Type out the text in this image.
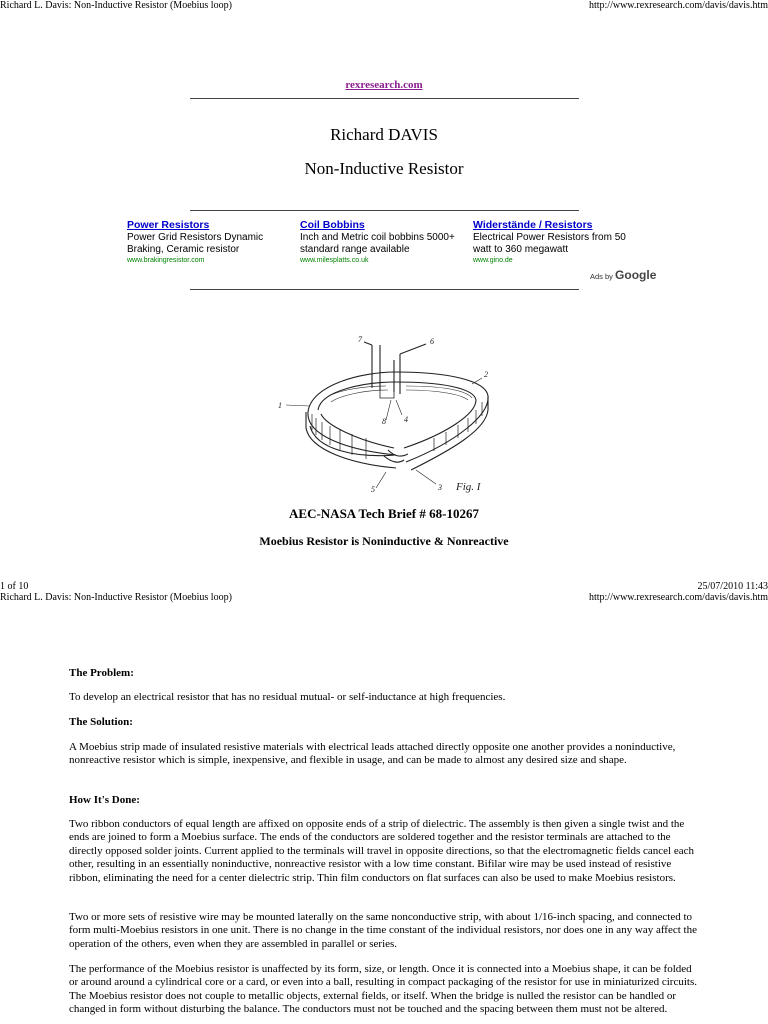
Richard L. Davis: Non-Inductive Resistor (Moebius loop)	http://www.rexresearch.com/davis/davis.htm
rexresearch.com
Richard DAVIS
Non-Inductive Resistor
Power Resistors
Power Grid Resistors Dynamic Braking, Ceramic resistor
www.brakingresistor.com
Coil Bobbins
Inch and Metric coil bobbins 5000+ standard range available
www.milesplatts.co.uk
Widerstände / Resistors
Electrical Power Resistors from 50 watt to 360 megawatt
www.gino.de
Ads by Google
1
2
3
4
5
6
7
8
Fig. I
AEC-NASA Tech Brief # 68-10267
Moebius Resistor is Noninductive & Nonreactive
1 of 10	25/07/2010 11:43
Richard L. Davis: Non-Inductive Resistor (Moebius loop)	http://www.rexresearch.com/davis/davis.htm

The Problem:

To develop an electrical resistor that has no residual mutual- or self-inductance at high frequencies.

The Solution:

A Moebius strip made of insulated resistive materials with electrical leads attached directly opposite one another provides a noninductive, nonreactive resistor which is simple, inexpensive, and flexible in usage, and can be made to almost any desired size and shape.

How It's Done:

Two ribbon conductors of equal length are affixed on opposite ends of a strip of dielectric. The assembly is then given a single twist and the ends are joined to form a Moebius surface. The ends of the conductors are soldered together and the resistor terminals are attached to the directly opposed solder joints. Current applied to the terminals will travel in opposite directions, so that the electromagnetic fields cancel each other, resulting in an essentially noninductive, nonreactive resistor with a low time constant. Bifilar wire may be used instead of resistive ribbon, eliminating the need for a center dielectric strip. Thin film conductors on flat surfaces can also be used to make Moebius resistors.

Two or more sets of resistive wire may be mounted laterally on the same nonconductive strip, with about 1/16-inch spacing, and connected to form multi-Moebius resistors in one unit. There is no change in the time constant of the individual resistors, nor does one in any way affect the operation of the others, even when they are assembled in parallel or series.

The performance of the Moebius resistor is unaffected by its form, size, or length. Once it is connected into a Moebius shape, it can be folded or around around a cylindrical core or a card, or even into a ball, resulting in compact packaging of the resistor for use in miniaturized circuits. The Moebius resistor does not couple to metallic objects, external fields, or itself. When the bridge is nulled the resistor can be handled or changed in form without disturbing the balance. The conductors must not be touched and the spacing between them must not be altered.
